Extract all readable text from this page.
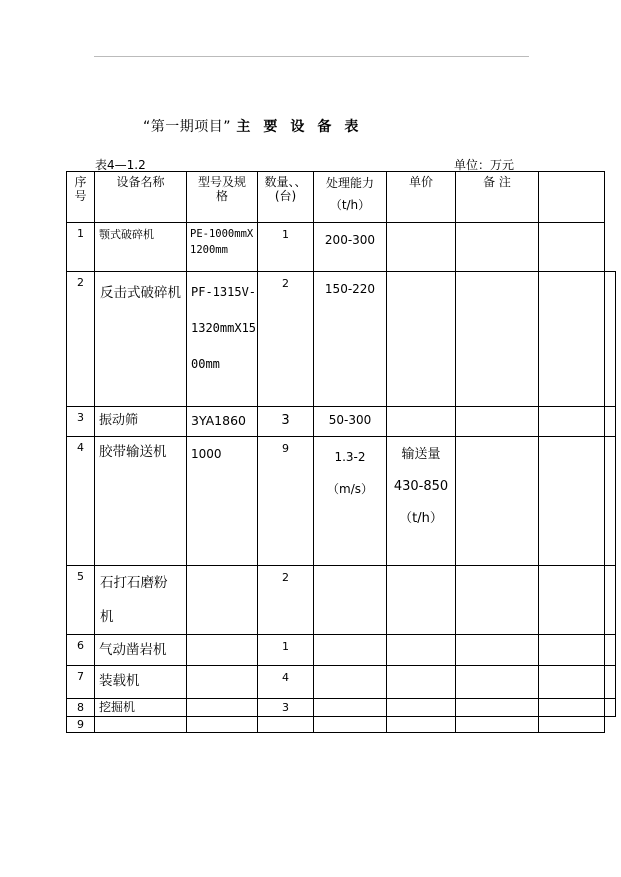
“第一期项目” 主要设备表
表4—1.2	单位：万元
序号	设备名称	型号及规格	数量、、(台)	处理能力（t/h）	单价	备 注		

1	颚式破碎机	PE-1000mmX1200mm	1	200-300				

2	反击式破碎机	PF-1315V-1320mmX1500mm	2	150-220				

3	振动筛	3YA1860	3	50-300				

4	胶带输送机	1000	9	1.3-2（m/s）	输送量430-850（t/h）			

5	石打石磨粉机		2					

6	气动凿岩机		1					

7	装载机		4					

8	挖掘机		3					

9								
